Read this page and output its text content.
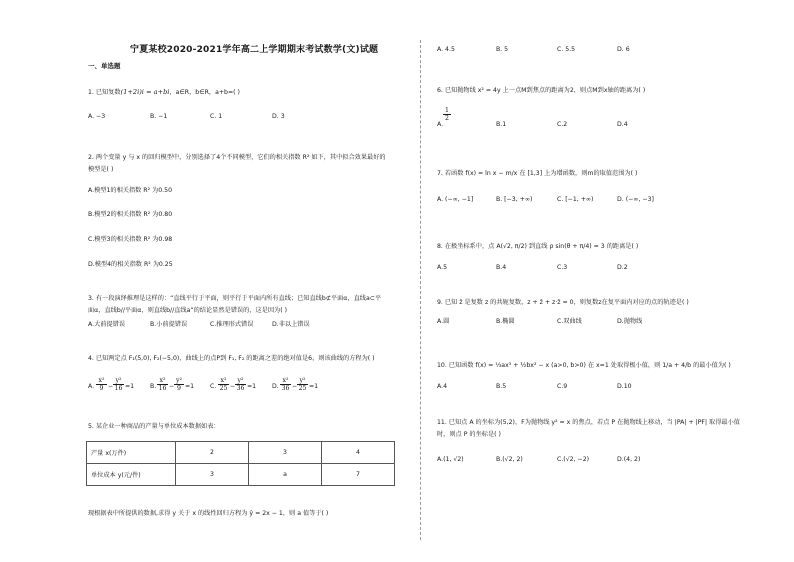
宁夏某校2020-2021学年高二上学期期末考试数学(文)试题
一、单选题
1. 已知复数(1+2i)i = a+bi，a∈R，b∈R，a+b=( )
A. −3	B. −1	C. 1	D. 3
2. 两个变量 y 与 x 的回归模型中，分别选择了4个不同模型，它们的相关指数 R² 如下，其中拟合效果最好的
模型是( )
A.模型1的相关指数 R² 为0.50
B.模型2的相关指数 R² 为0.80
C.模型3的相关指数 R² 为0.98
D.模型4的相关指数 R² 为0.25
3. 有一段演绎推理是这样的：“直线平行于平面，则平行于平面内所有直线；已知直线b⊄平面α，直线a⊂平
面α，直线b//平面α，则直线b//直线a”的结论显然是错误的，这是因为( )
A.大前提错误	B.小前提错误	C.推理形式错误	D.非以上错误
4. 已知两定点 F₁(5,0), F₂(−5,0)，曲线上的点P到 F₁, F₂ 的距离之差的绝对值是6，则该曲线的方程为( )
A.
x²
9 −
y²
16 =1	B.
x²
16 −
y²
9 =1	C.
x²
25 −
y²
36 =1	D.
x²
36 −
y²
25 =1
5. 某企业一种商品的产量与单位成本数据如表：
产量 x(万件)	2	3	4
单位成本 y(元/件)	3	a	7
现根据表中所提供的数据,求得 y 关于 x 的线性回归方程为 ŷ = 2x − 1，则 a 值等于( )
A. 4.5	B. 5	C. 5.5	D. 6
6. 已知抛物线 x² = 4y 上一点M到焦点的距离为2，则点M到x轴的距离为( )
A.
1
2
B.1	C.2	D.4
7. 若函数 f(x) = ln x − m/x 在 [1,3] 上为增函数，则m的取值范围为( )
A. (−∞, −1]	B. [−3, +∞)	C. [−1, +∞)	D. (−∞, −3]
8. 在极坐标系中，点 A(√2, π/2) 到直线 ρ sin(θ + π/4) = 3 的距离是( )
A.5	B.4	C.3	D.2
9. 已知 z̄ 是复数 z 的共轭复数，z + z̄ + z·z̄ = 0，则复数z在复平面内对应的点的轨迹是( )
A.圆	B.椭圆	C.双曲线	D.抛物线
10. 已知函数 f(x) = ⅓ax³ + ½bx² − x (a>0, b>0) 在 x=1 处取得极小值，则 1/a + 4/b 的最小值为( )
A.4	B.5	C.9	D.10
11. 已知点 A 的坐标为(5,2)，F为抛物线 y² = x 的焦点，若点 P 在抛物线上移动，当 |PA| + |PF| 取得最小值
时，则点 P 的坐标是( )
A.(1, √2)	B.(√2, 2)	C.(√2, −2)	D.(4, 2)
